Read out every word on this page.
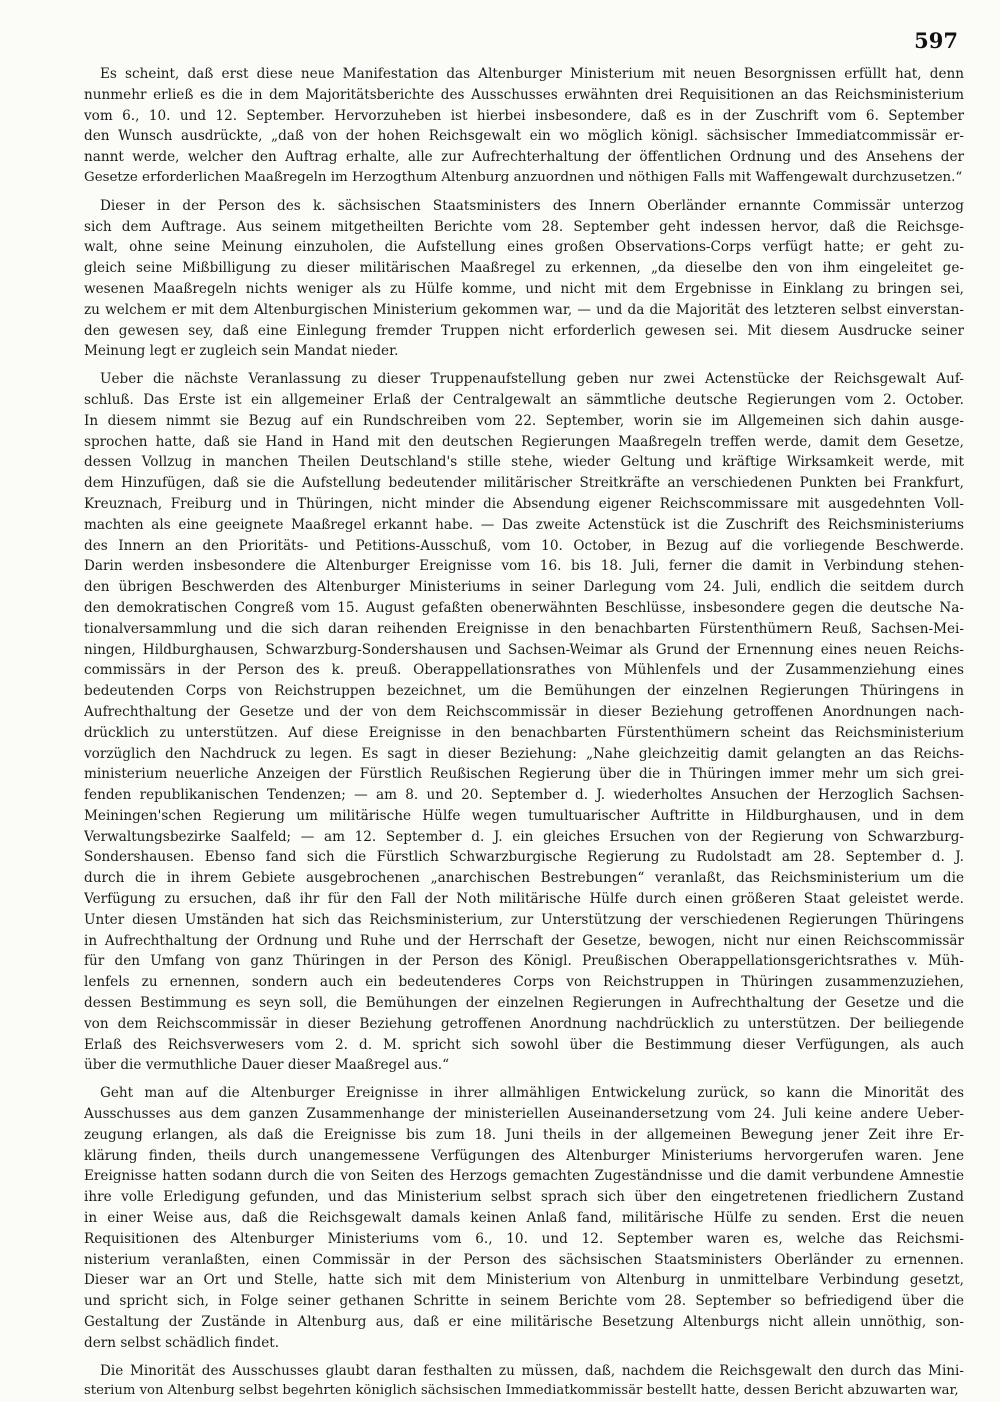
597
Es scheint, daß erst diese neue Manifestation das Altenburger Ministerium mit neuen Besorgnissen erfüllt hat, denn
nunmehr erließ es die in dem Majoritätsberichte des Ausschusses erwähnten drei Requisitionen an das Reichsministerium
vom 6., 10. und 12. September. Hervorzuheben ist hierbei insbesondere, daß es in der Zuschrift vom 6. September
den Wunsch ausdrückte, „daß von der hohen Reichsgewalt ein wo möglich königl. sächsischer Immediatcommissär er-
nannt werde, welcher den Auftrag erhalte, alle zur Aufrechterhaltung der öffentlichen Ordnung und des Ansehens der
Gesetze erforderlichen Maaßregeln im Herzogthum Altenburg anzuordnen und nöthigen Falls mit Waffengewalt durchzusetzen.“
Dieser in der Person des k. sächsischen Staatsministers des Innern Oberländer ernannte Commissär unterzog
sich dem Auftrage. Aus seinem mitgetheilten Berichte vom 28. September geht indessen hervor, daß die Reichsge-
walt, ohne seine Meinung einzuholen, die Aufstellung eines großen Observations-Corps verfügt hatte; er geht zu-
gleich seine Mißbilligung zu dieser militärischen Maaßregel zu erkennen, „da dieselbe den von ihm eingeleitet ge-
wesenen Maaßregeln nichts weniger als zu Hülfe komme, und nicht mit dem Ergebnisse in Einklang zu bringen sei,
zu welchem er mit dem Altenburgischen Ministerium gekommen war, — und da die Majorität des letzteren selbst einverstan-
den gewesen sey, daß eine Einlegung fremder Truppen nicht erforderlich gewesen sei. Mit diesem Ausdrucke seiner
Meinung legt er zugleich sein Mandat nieder.
Ueber die nächste Veranlassung zu dieser Truppenaufstellung geben nur zwei Actenstücke der Reichsgewalt Auf-
schluß. Das Erste ist ein allgemeiner Erlaß der Centralgewalt an sämmtliche deutsche Regierungen vom 2. October.
In diesem nimmt sie Bezug auf ein Rundschreiben vom 22. September, worin sie im Allgemeinen sich dahin ausge-
sprochen hatte, daß sie Hand in Hand mit den deutschen Regierungen Maaßregeln treffen werde, damit dem Gesetze,
dessen Vollzug in manchen Theilen Deutschland's stille stehe, wieder Geltung und kräftige Wirksamkeit werde, mit
dem Hinzufügen, daß sie die Aufstellung bedeutender militärischer Streitkräfte an verschiedenen Punkten bei Frankfurt,
Kreuznach, Freiburg und in Thüringen, nicht minder die Absendung eigener Reichscommissare mit ausgedehnten Voll-
machten als eine geeignete Maaßregel erkannt habe. — Das zweite Actenstück ist die Zuschrift des Reichsministeriums
des Innern an den Prioritäts- und Petitions-Ausschuß, vom 10. October, in Bezug auf die vorliegende Beschwerde.
Darin werden insbesondere die Altenburger Ereignisse vom 16. bis 18. Juli, ferner die damit in Verbindung stehen-
den übrigen Beschwerden des Altenburger Ministeriums in seiner Darlegung vom 24. Juli, endlich die seitdem durch
den demokratischen Congreß vom 15. August gefaßten obenerwähnten Beschlüsse, insbesondere gegen die deutsche Na-
tionalversammlung und die sich daran reihenden Ereignisse in den benachbarten Fürstenthümern Reuß, Sachsen-Mei-
ningen, Hildburghausen, Schwarzburg-Sondershausen und Sachsen-Weimar als Grund der Ernennung eines neuen Reichs-
commissärs in der Person des k. preuß. Oberappellationsrathes von Mühlenfels und der Zusammenziehung eines
bedeutenden Corps von Reichstruppen bezeichnet, um die Bemühungen der einzelnen Regierungen Thüringens in
Aufrechthaltung der Gesetze und der von dem Reichscommissär in dieser Beziehung getroffenen Anordnungen nach-
drücklich zu unterstützen. Auf diese Ereignisse in den benachbarten Fürstenthümern scheint das Reichsministerium
vorzüglich den Nachdruck zu legen. Es sagt in dieser Beziehung: „Nahe gleichzeitig damit gelangten an das Reichs-
ministerium neuerliche Anzeigen der Fürstlich Reußischen Regierung über die in Thüringen immer mehr um sich grei-
fenden republikanischen Tendenzen; — am 8. und 20. September d. J. wiederholtes Ansuchen der Herzoglich Sachsen-
Meiningen'schen Regierung um militärische Hülfe wegen tumultuarischer Auftritte in Hildburghausen, und in dem
Verwaltungsbezirke Saalfeld; — am 12. September d. J. ein gleiches Ersuchen von der Regierung von Schwarzburg-
Sondershausen. Ebenso fand sich die Fürstlich Schwarzburgische Regierung zu Rudolstadt am 28. September d. J.
durch die in ihrem Gebiete ausgebrochenen „anarchischen Bestrebungen“ veranlaßt, das Reichsministerium um die
Verfügung zu ersuchen, daß ihr für den Fall der Noth militärische Hülfe durch einen größeren Staat geleistet werde.
Unter diesen Umständen hat sich das Reichsministerium, zur Unterstützung der verschiedenen Regierungen Thüringens
in Aufrechthaltung der Ordnung und Ruhe und der Herrschaft der Gesetze, bewogen, nicht nur einen Reichscommissär
für den Umfang von ganz Thüringen in der Person des Königl. Preußischen Oberappellationsgerichtsrathes v. Müh-
lenfels zu ernennen, sondern auch ein bedeutenderes Corps von Reichstruppen in Thüringen zusammenzuziehen,
dessen Bestimmung es seyn soll, die Bemühungen der einzelnen Regierungen in Aufrechthaltung der Gesetze und die
von dem Reichscommissär in dieser Beziehung getroffenen Anordnung nachdrücklich zu unterstützen. Der beiliegende
Erlaß des Reichsverwesers vom 2. d. M. spricht sich sowohl über die Bestimmung dieser Verfügungen, als auch
über die vermuthliche Dauer dieser Maaßregel aus.“
Geht man auf die Altenburger Ereignisse in ihrer allmähligen Entwickelung zurück, so kann die Minorität des
Ausschusses aus dem ganzen Zusammenhange der ministeriellen Auseinandersetzung vom 24. Juli keine andere Ueber-
zeugung erlangen, als daß die Ereignisse bis zum 18. Juni theils in der allgemeinen Bewegung jener Zeit ihre Er-
klärung finden, theils durch unangemessene Verfügungen des Altenburger Ministeriums hervorgerufen waren. Jene
Ereignisse hatten sodann durch die von Seiten des Herzogs gemachten Zugeständnisse und die damit verbundene Amnestie
ihre volle Erledigung gefunden, und das Ministerium selbst sprach sich über den eingetretenen friedlichern Zustand
in einer Weise aus, daß die Reichsgewalt damals keinen Anlaß fand, militärische Hülfe zu senden. Erst die neuen
Requisitionen des Altenburger Ministeriums vom 6., 10. und 12. September waren es, welche das Reichsmi-
nisterium veranlaßten, einen Commissär in der Person des sächsischen Staatsministers Oberländer zu ernennen.
Dieser war an Ort und Stelle, hatte sich mit dem Ministerium von Altenburg in unmittelbare Verbindung gesetzt,
und spricht sich, in Folge seiner gethanen Schritte in seinem Berichte vom 28. September so befriedigend über die
Gestaltung der Zustände in Altenburg aus, daß er eine militärische Besetzung Altenburgs nicht allein unnöthig, son-
dern selbst schädlich findet.
Die Minorität des Ausschusses glaubt daran festhalten zu müssen, daß, nachdem die Reichsgewalt den durch das Mini-
sterium von Altenburg selbst begehrten königlich sächsischen Immediatkommissär bestellt hatte, dessen Bericht abzuwarten war,
